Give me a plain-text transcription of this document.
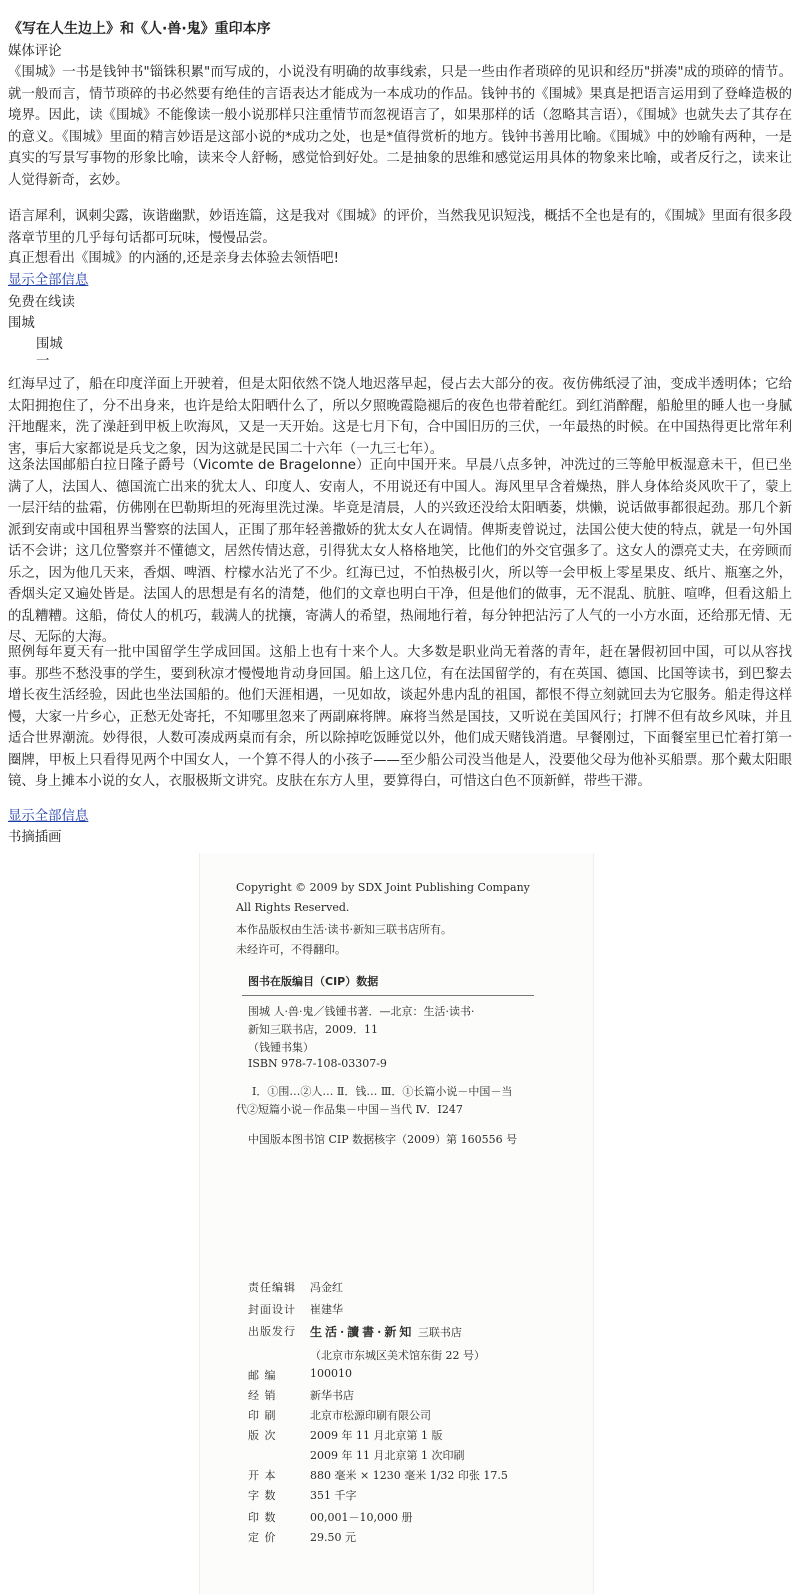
《写在人生边上》和《人·兽·鬼》重印本序
媒体评论
《围城》一书是钱钟书"锱铢积累"而写成的，小说没有明确的故事线索，只是一些由作者琐碎的见识和经历"拼凑"成的琐碎的情节。就一般而言，情节琐碎的书必然要有绝佳的言语表达才能成为一本成功的作品。钱钟书的《围城》果真是把语言运用到了登峰造极的境界。因此，读《围城》不能像读一般小说那样只注重情节而忽视语言了，如果那样的话（忽略其言语），《围城》也就失去了其存在的意义。《围城》里面的精言妙语是这部小说的*成功之处，也是*值得赏析的地方。钱钟书善用比喻。《围城》中的妙喻有两种，一是真实的写景写事物的形象比喻，读来令人舒畅，感觉恰到好处。二是抽象的思维和感觉运用具体的物象来比喻，或者反行之，读来让人觉得新奇，玄妙。
语言犀利，讽刺尖露，诙谐幽默，妙语连篇，这是我对《围城》的评价，当然我见识短浅，概括不全也是有的，《围城》里面有很多段落章节里的几乎每句话都可玩味，慢慢品尝。
真正想看出《围城》的内涵的,还是亲身去体验去领悟吧!
显示全部信息
免费在线读
围城
围城
一
红海早过了，船在印度洋面上开驶着，但是太阳依然不饶人地迟落早起，侵占去大部分的夜。夜仿佛纸浸了油，变成半透明体；它给太阳拥抱住了，分不出身来，也许是给太阳晒什么了，所以夕照晚霞隐褪后的夜色也带着酡红。到红消醉醒，船舱里的睡人也一身腻汗地醒来，洗了澡赶到甲板上吹海风，又是一天开始。这是七月下旬，合中国旧历的三伏，一年最热的时候。在中国热得更比常年利害，事后大家都说是兵戈之象，因为这就是民国二十六年（一九三七年）。
这条法国邮船白拉日隆子爵号（Vicomte de Bragelonne）正向中国开来。早晨八点多钟，冲洗过的三等舱甲板湿意未干，但已坐满了人，法国人、德国流亡出来的犹太人、印度人、安南人，不用说还有中国人。海风里早含着燥热，胖人身体给炎风吹干了，蒙上一层汗结的盐霜，仿佛刚在巴勒斯坦的死海里洗过澡。毕竟是清晨，人的兴致还没给太阳晒萎，烘懒，说话做事都很起劲。那几个新派到安南或中国租界当警察的法国人，正围了那年轻善撒娇的犹太女人在调情。俾斯麦曾说过，法国公使大使的特点，就是一句外国话不会讲；这几位警察并不懂德文，居然传情达意，引得犹太女人格格地笑，比他们的外交官强多了。这女人的漂亮丈夫，在旁顾而乐之，因为他几天来，香烟、啤酒、柠檬水沾光了不少。红海已过，不怕热极引火，所以等一会甲板上零星果皮、纸片、瓶塞之外，香烟头定又遍处皆是。法国人的思想是有名的清楚，他们的文章也明白干净，但是他们的做事，无不混乱、肮脏、喧哗，但看这船上的乱糟糟。这船，倚仗人的机巧，载满人的扰攘，寄满人的希望，热闹地行着，每分钟把沾污了人气的一小方水面，还给那无情、无尽、无际的大海。
照例每年夏天有一批中国留学生学成回国。这船上也有十来个人。大多数是职业尚无着落的青年，赶在暑假初回中国，可以从容找事。那些不愁没事的学生，要到秋凉才慢慢地肯动身回国。船上这几位，有在法国留学的，有在英国、德国、比国等读书，到巴黎去增长夜生活经验，因此也坐法国船的。他们天涯相遇，一见如故，谈起外患内乱的祖国，都恨不得立刻就回去为它服务。船走得这样慢，大家一片乡心，正愁无处寄托，不知哪里忽来了两副麻将牌。麻将当然是国技，又听说在美国风行；打牌不但有故乡风味，并且适合世界潮流。妙得很，人数可凑成两桌而有余，所以除掉吃饭睡觉以外，他们成天赌钱消遣。早餐刚过，下面餐室里已忙着打第一圈牌，甲板上只看得见两个中国女人，一个算不得人的小孩子——至少船公司没当他是人，没要他父母为他补买船票。那个戴太阳眼镜、身上摊本小说的女人，衣服极斯文讲究。皮肤在东方人里，要算得白，可惜这白色不顶新鲜，带些干滞。
显示全部信息
书摘插画
Copyright © 2009 by SDX Joint Publishing Company
All Rights Reserved.
本作品版权由生活·读书·新知三联书店所有。
未经许可，不得翻印。
图书在版编目（CIP）数据
围城 人·兽·鬼／钱锺书著．—北京：生活·读书·
新知三联书店，2009．11
（钱锺书集）
ISBN 978-7-108-03307-9
Ⅰ．①围…②人… Ⅱ．钱… Ⅲ．①长篇小说－中国－当
代②短篇小说－作品集－中国－当代 Ⅳ．I247
中国版本图书馆 CIP 数据核字（2009）第 160556 号
责任编辑 冯金红
封面设计 崔建华
出版发行 生活·讀書·新知 三联书店
（北京市东城区美术馆东街 22 号）
邮 编	100010
经 销	新华书店
印 刷	北京市松源印刷有限公司
版 次	2009 年 11 月北京第 1 版
2009 年 11 月北京第 1 次印刷
开 本	880 毫米 × 1230 毫米 1/32 印张 17.5
字 数	351 千字
印 数	00,001－10,000 册
定 价	29.50 元
